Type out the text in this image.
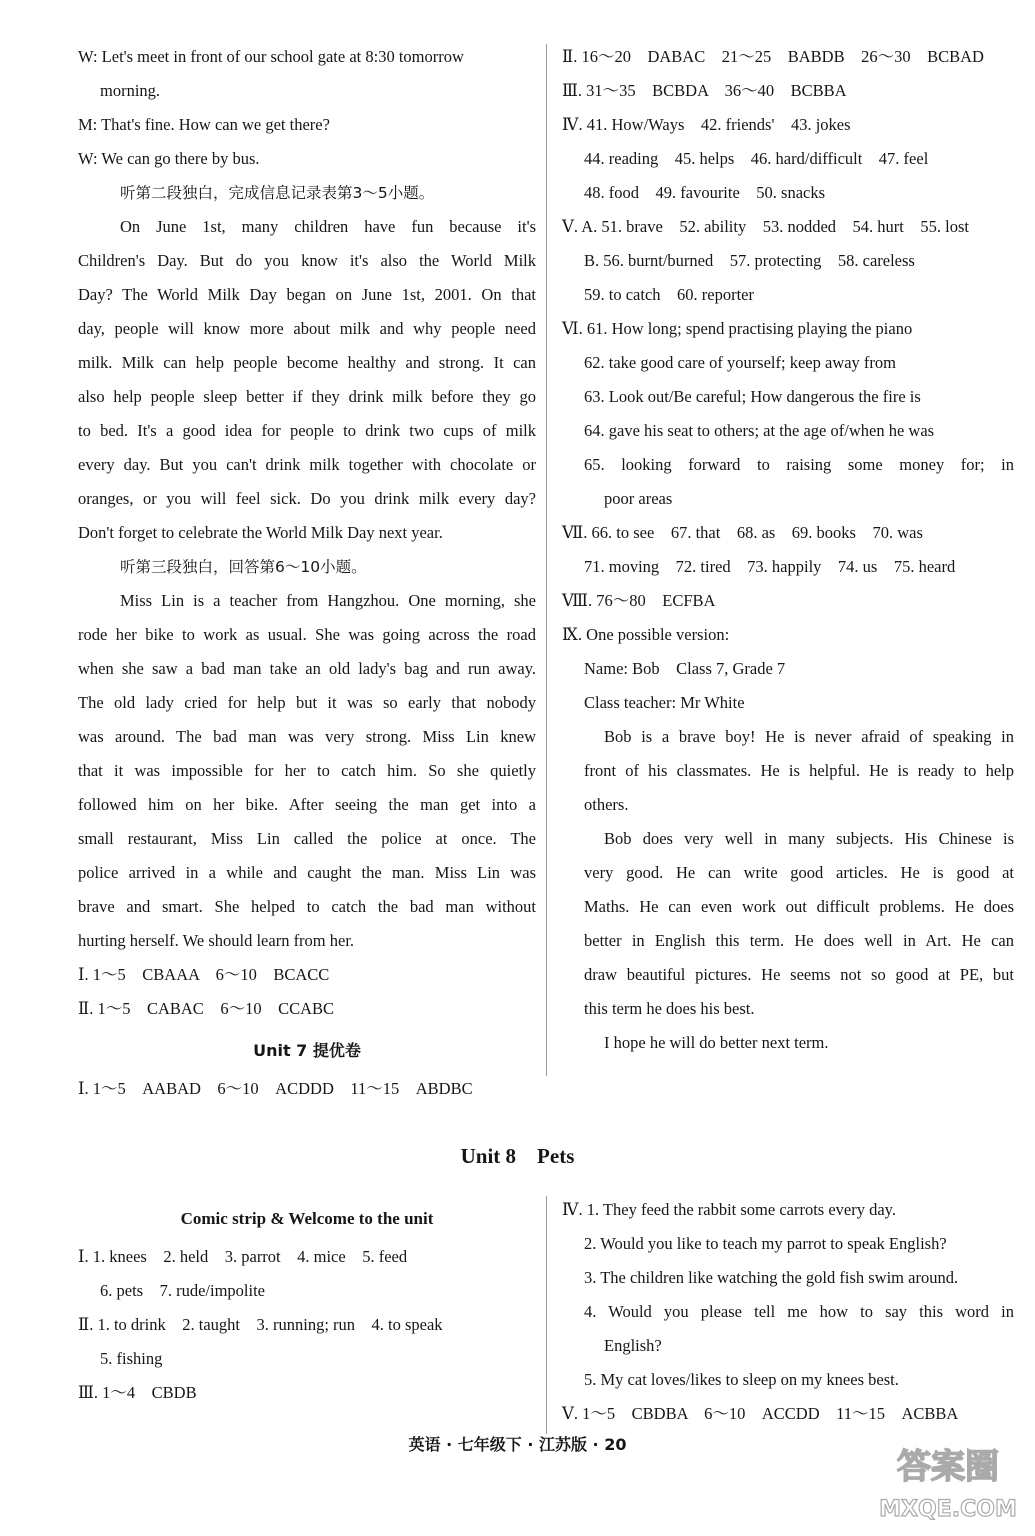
W: Let's meet in front of our school gate at 8:30 tomorrow
morning.
M: That's fine. How can we get there?
W: We can go there by bus.
听第二段独白，完成信息记录表第3～5小题。
On June 1st, many children have fun because it's
Children's Day. But do you know it's also the World Milk
Day? The World Milk Day began on June 1st, 2001. On that
day, people will know more about milk and why people need
milk. Milk can help people become healthy and strong. It can
also help people sleep better if they drink milk before they go
to bed. It's a good idea for people to drink two cups of milk
every day. But you can't drink milk together with chocolate or
oranges, or you will feel sick. Do you drink milk every day?
Don't forget to celebrate the World Milk Day next year.
听第三段独白，回答第6～10小题。
Miss Lin is a teacher from Hangzhou. One morning, she
rode her bike to work as usual. She was going across the road
when she saw a bad man take an old lady's bag and run away.
The old lady cried for help but it was so early that nobody
was around. The bad man was very strong. Miss Lin knew
that it was impossible for her to catch him. So she quietly
followed him on her bike. After seeing the man get into a
small restaurant, Miss Lin called the police at once. The
police arrived in a while and caught the man. Miss Lin was
brave and smart. She helped to catch the bad man without
hurting herself. We should learn from her.
Ⅰ. 1～5　CBAAA　6～10　BCACC
Ⅱ. 1～5　CABAC　6～10　CCABC
Unit 7 提优卷
Ⅰ. 1～5　AABAD　6～10　ACDDD　11～15　ABDBC
Ⅱ. 16～20　DABAC　21～25　BABDB　26～30　BCBAD
Ⅲ. 31～35　BCBDA　36～40　BCBBA
Ⅳ. 41. How/Ways　42. friends'　43. jokes
44. reading　45. helps　46. hard/difficult　47. feel
48. food　49. favourite　50. snacks
Ⅴ. A. 51. brave　52. ability　53. nodded　54. hurt　55. lost
B. 56. burnt/burned　57. protecting　58. careless
59. to catch　60. reporter
Ⅵ. 61. How long; spend practising playing the piano
62. take good care of yourself; keep away from
63. Look out/Be careful; How dangerous the fire is
64. gave his seat to others; at the age of/when he was
65. looking forward to raising some money for; in
poor areas
Ⅶ. 66. to see　67. that　68. as　69. books　70. was
71. moving　72. tired　73. happily　74. us　75. heard
Ⅷ. 76～80　ECFBA
Ⅸ. One possible version:
Name: Bob　Class 7, Grade 7
Class teacher: Mr White
Bob is a brave boy! He is never afraid of speaking in
front of his classmates. He is helpful. He is ready to help
others.
Bob does very well in many subjects. His Chinese is
very good. He can write good articles. He is good at
Maths. He can even work out difficult problems. He does
better in English this term. He does well in Art. He can
draw beautiful pictures. He seems not so good at PE, but
this term he does his best.
I hope he will do better next term.
Unit 8　Pets
Comic strip & Welcome to the unit
Ⅰ. 1. knees　2. held　3. parrot　4. mice　5. feed
6. pets　7. rude/impolite
Ⅱ. 1. to drink　2. taught　3. running; run　4. to speak
5. fishing
Ⅲ. 1～4　CBDB
Ⅳ. 1. They feed the rabbit some carrots every day.
2. Would you like to teach my parrot to speak English?
3. The children like watching the gold fish swim around.
4. Would you please tell me how to say this word in
English?
5. My cat loves/likes to sleep on my knees best.
Ⅴ. 1～5　CBDBA　6～10　ACCDD　11～15　ACBBA
英语 · 七年级下 · 江苏版 · 20
答案圈
MXQE.COM
